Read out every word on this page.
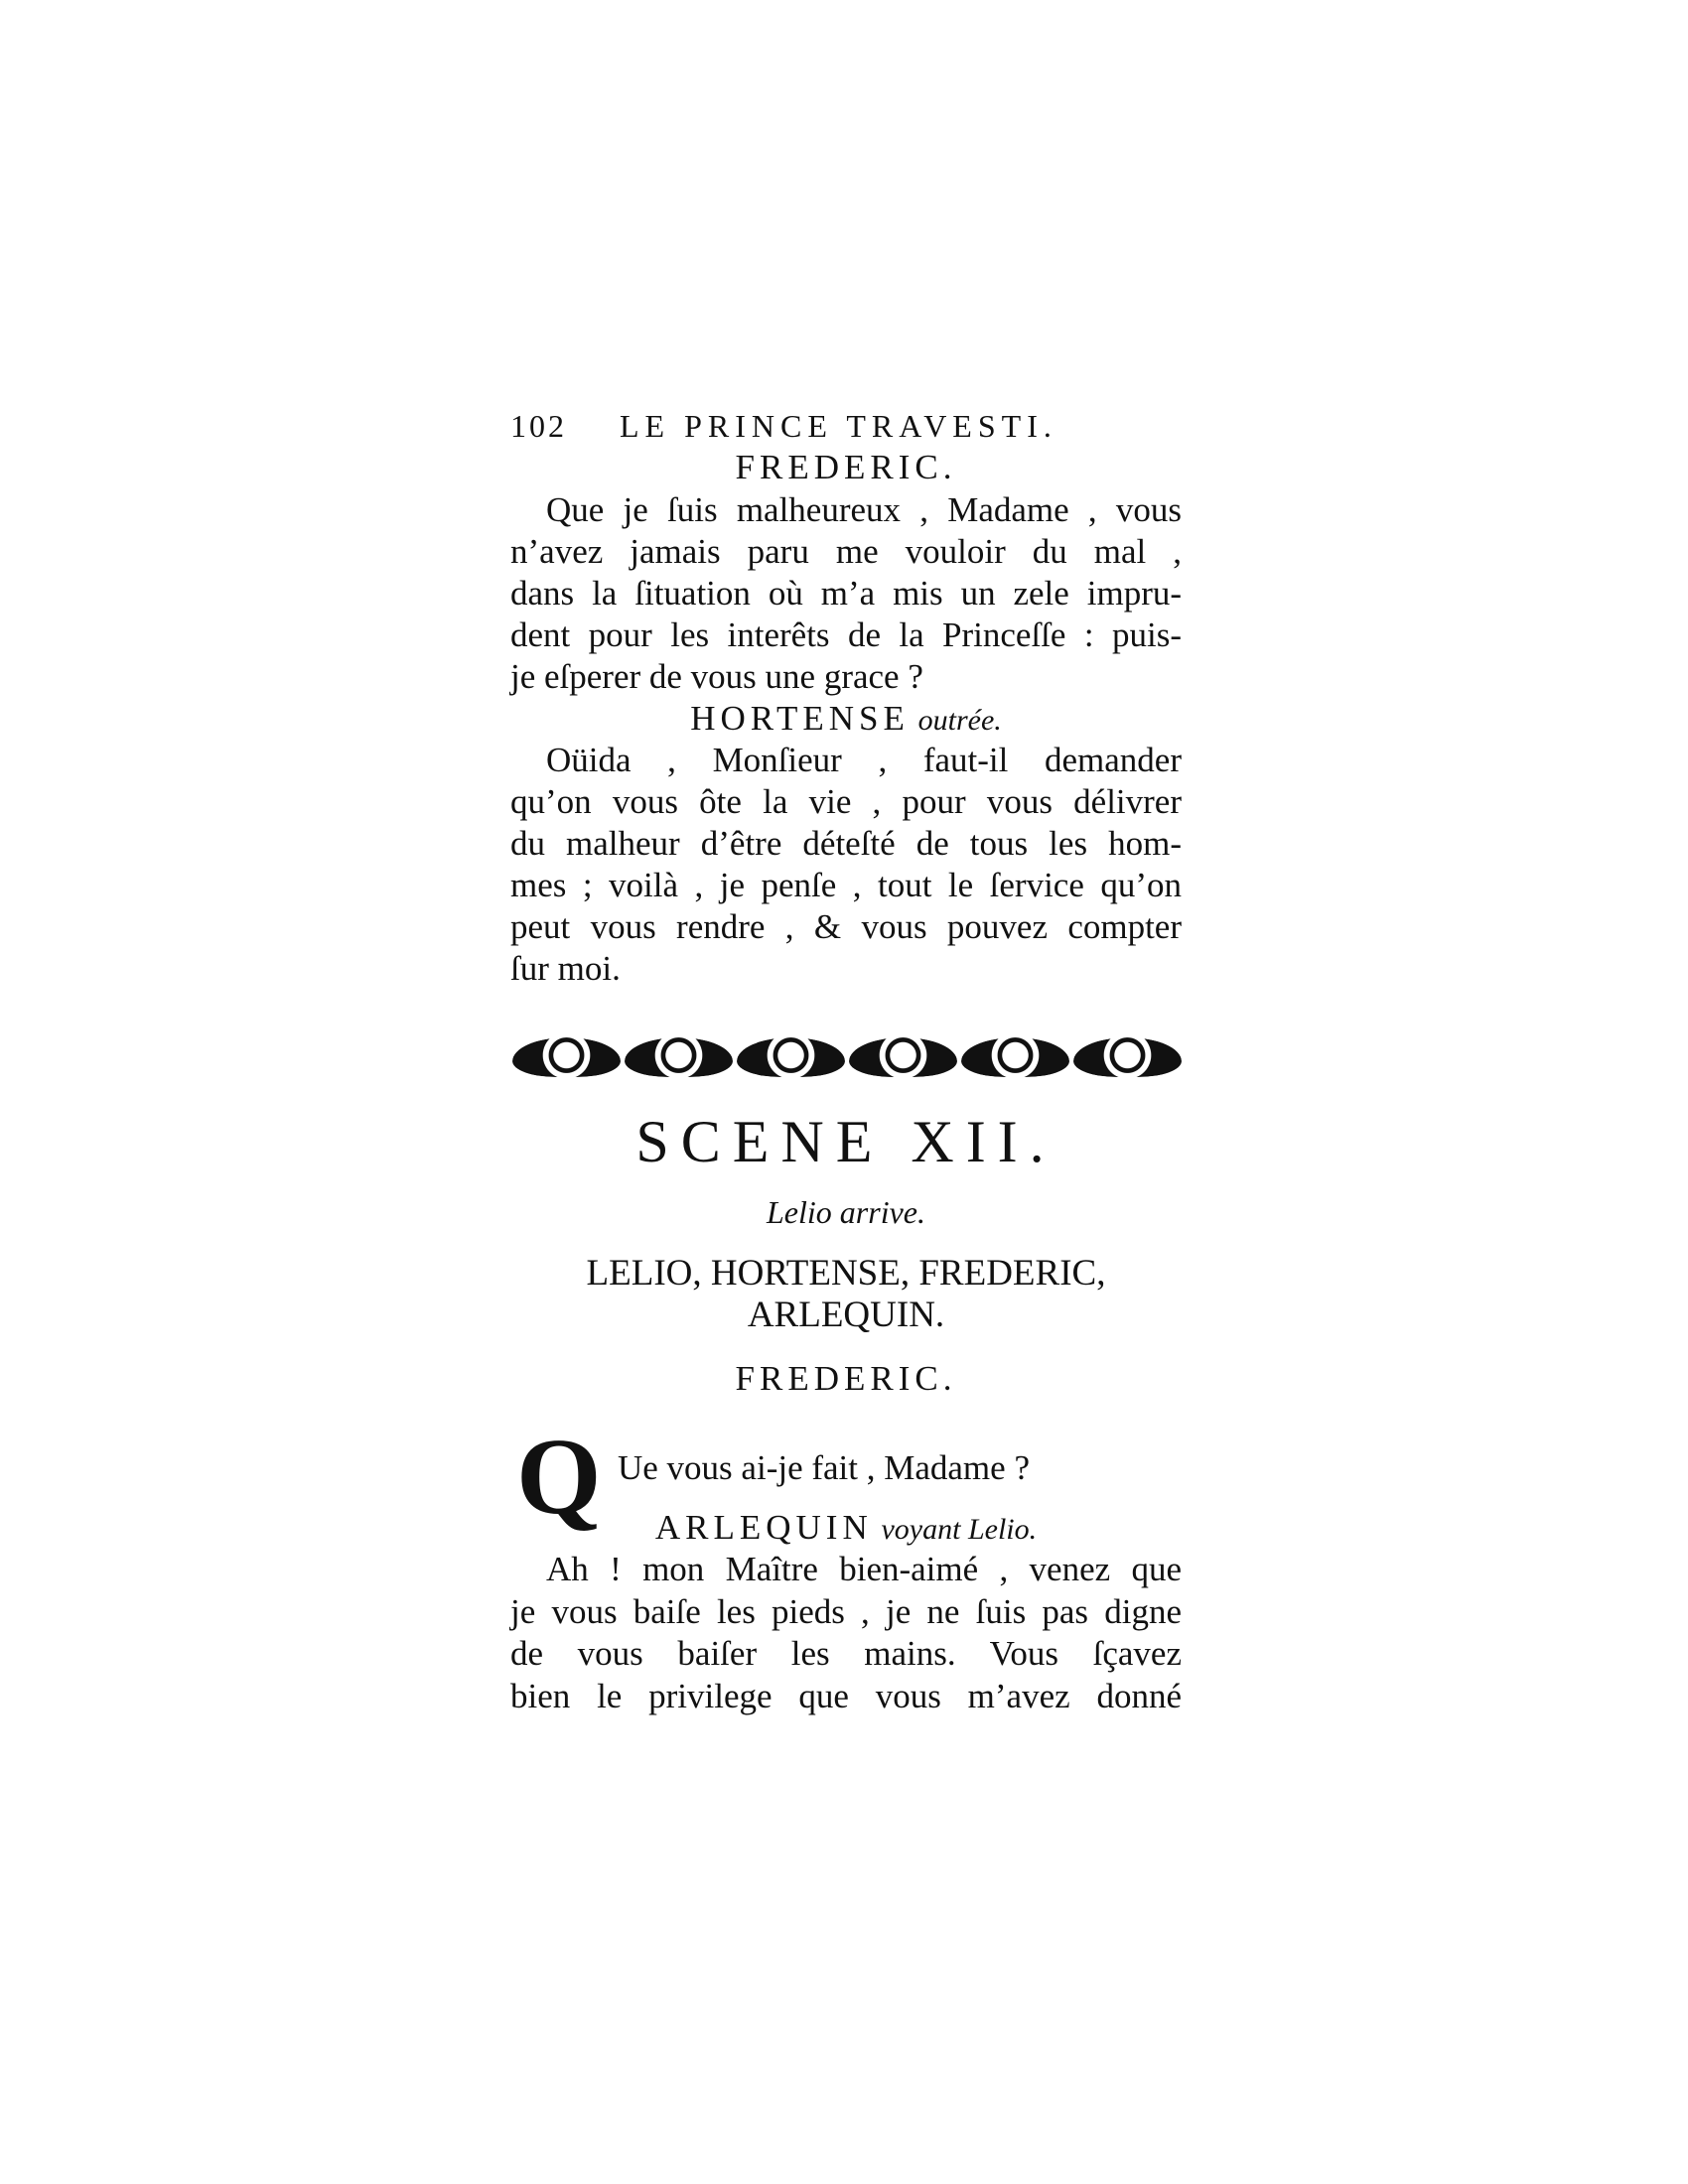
102 LE PRINCE TRAVESTI.
FREDERIC.
Que je ſuis malheureux , Madame , vous
n’avez jamais paru me vouloir du mal ,
dans la ſituation où m’a mis un zele impru-
dent pour les interêts de la Princeſſe : puis-
je eſperer de vous une grace ?
HORTENSE outrée.
Oüida , Monſieur , faut-il demander
qu’on vous ôte la vie , pour vous délivrer
du malheur d’être déteſté de tous les hom-
mes ; voilà , je penſe , tout le ſervice qu’on
peut vous rendre , & vous pouvez compter
ſur moi.
SCENE XII.
Lelio arrive.
LELIO, HORTENSE, FREDERIC,
ARLEQUIN.
FREDERIC.
Q Ue vous ai-je fait , Madame ?
ARLEQUIN voyant Lelio.
Ah ! mon Maître bien-aimé , venez que
je vous baiſe les pieds , je ne ſuis pas digne
de vous baiſer les mains. Vous ſçavez
bien le privilege que vous m’avez donné
